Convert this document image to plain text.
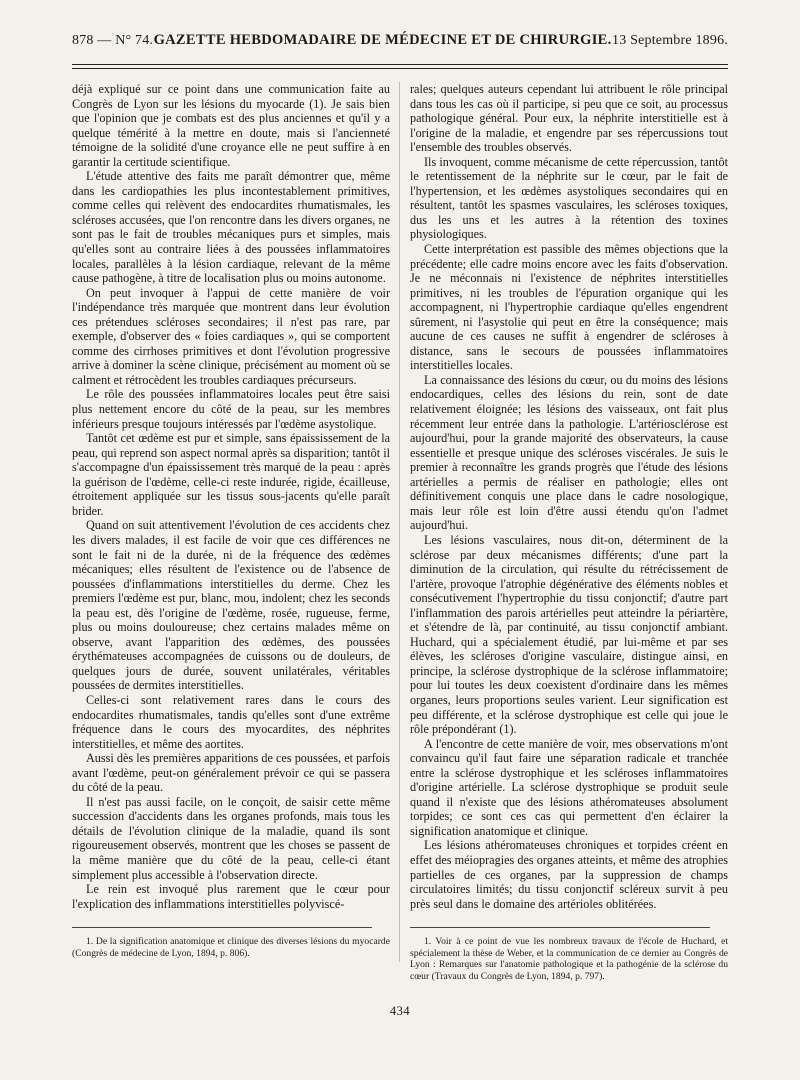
878 — N° 74. GAZETTE HEBDOMADAIRE DE MÉDECINE ET DE CHIRURGIE. 13 Septembre 1896.

déjà expliqué sur ce point dans une communication faite au Congrès de Lyon sur les lésions du myocarde (1). Je sais bien que l'opinion que je combats est des plus anciennes et qu'il y a quelque témérité à la mettre en doute, mais si l'ancienneté témoigne de la solidité d'une croyance elle ne peut suffire à en garantir la certitude scientifique.

L'étude attentive des faits me paraît démontrer que, même dans les cardiopathies les plus incontestablement primitives, comme celles qui relèvent des endocardites rhumatismales, les scléroses accusées, que l'on rencontre dans les divers organes, ne sont pas le fait de troubles mécaniques purs et simples, mais qu'elles sont au contraire liées à des poussées inflammatoires locales, parallèles à la lésion cardiaque, relevant de la même cause pathogène, à titre de localisation plus ou moins autonome.

On peut invoquer à l'appui de cette manière de voir l'indépendance très marquée que montrent dans leur évolution ces prétendues scléroses secondaires; il n'est pas rare, par exemple, d'observer des « foies cardiaques », qui se comportent comme des cirrhoses primitives et dont l'évolution progressive arrive à dominer la scène clinique, précisément au moment où se calment et rétrocèdent les troubles cardiaques précurseurs.

Le rôle des poussées inflammatoires locales peut être saisi plus nettement encore du côté de la peau, sur les membres inférieurs presque toujours intéressés par l'œdème asystolique.

Tantôt cet œdème est pur et simple, sans épaississement de la peau, qui reprend son aspect normal après sa disparition; tantôt il s'accompagne d'un épaississement très marqué de la peau : après la guérison de l'œdème, celle-ci reste indurée, rigide, écailleuse, étroitement appliquée sur les tissus sous-jacents qu'elle paraît brider.

Quand on suit attentivement l'évolution de ces accidents chez les divers malades, il est facile de voir que ces différences ne sont le fait ni de la durée, ni de la fréquence des œdèmes mécaniques; elles résultent de l'existence ou de l'absence de poussées d'inflammations interstitielles du derme. Chez les premiers l'œdème est pur, blanc, mou, indolent; chez les seconds la peau est, dès l'origine de l'œdème, rosée, rugueuse, ferme, plus ou moins douloureuse; chez certains malades même on observe, avant l'apparition des œdèmes, des poussées érythémateuses accompagnées de cuissons ou de douleurs, de quelques jours de durée, souvent unilatérales, véritables poussées de dermites interstitielles.

Celles-ci sont relativement rares dans le cours des endocardites rhumatismales, tandis qu'elles sont d'une extrême fréquence dans le cours des myocardites, des néphrites interstitielles, et même des aortites.

Aussi dès les premières apparitions de ces poussées, et parfois avant l'œdème, peut-on généralement prévoir ce qui se passera du côté de la peau.

Il n'est pas aussi facile, on le conçoit, de saisir cette même succession d'accidents dans les organes profonds, mais tous les détails de l'évolution clinique de la maladie, quand ils sont rigoureusement observés, montrent que les choses se passent de la même manière que du côté de la peau, celle-ci étant simplement plus accessible à l'observation directe.

Le rein est invoqué plus rarement que le cœur pour l'explication des inflammations interstitielles polyviscé-

1. De la signification anatomique et clinique des diverses lésions du myocarde (Congrès de médecine de Lyon, 1894, p. 806).

rales; quelques auteurs cependant lui attribuent le rôle principal dans tous les cas où il participe, si peu que ce soit, au processus pathologique général. Pour eux, la néphrite interstitielle est à l'origine de la maladie, et engendre par ses répercussions tout l'ensemble des troubles observés.

Ils invoquent, comme mécanisme de cette répercussion, tantôt le retentissement de la néphrite sur le cœur, par le fait de l'hypertension, et les œdèmes asystoliques secondaires qui en résultent, tantôt les spasmes vasculaires, les scléroses toxiques, dus les uns et les autres à la rétention des toxines physiologiques.

Cette interprétation est passible des mêmes objections que la précédente; elle cadre moins encore avec les faits d'observation. Je ne méconnais ni l'existence de néphrites interstitielles primitives, ni les troubles de l'épuration organique qui les accompagnent, ni l'hypertrophie cardiaque qu'elles engendrent sûrement, ni l'asystolie qui peut en être la conséquence; mais aucune de ces causes ne suffit à engendrer de scléroses à distance, sans le secours de poussées inflammatoires interstitielles locales.

La connaissance des lésions du cœur, ou du moins des lésions endocardiques, celles des lésions du rein, sont de date relativement éloignée; les lésions des vaisseaux, ont fait plus récemment leur entrée dans la pathologie. L'artériosclérose est aujourd'hui, pour la grande majorité des observateurs, la cause essentielle et presque unique des scléroses viscérales. Je suis le premier à reconnaître les grands progrès que l'étude des lésions artérielles a permis de réaliser en pathologie; elles ont définitivement conquis une place dans le cadre nosologique, mais leur rôle est loin d'être aussi étendu qu'on l'admet aujourd'hui.

Les lésions vasculaires, nous dit-on, déterminent de la sclérose par deux mécanismes différents; d'une part la diminution de la circulation, qui résulte du rétrécissement de l'artère, provoque l'atrophie dégénérative des éléments nobles et consécutivement l'hypertrophie du tissu conjonctif; d'autre part l'inflammation des parois artérielles peut atteindre la périartère, et s'étendre de là, par continuité, au tissu conjonctif ambiant. Huchard, qui a spécialement étudié, par lui-même et par ses élèves, les scléroses d'origine vasculaire, distingue ainsi, en principe, la sclérose dystrophique de la sclérose inflammatoire; pour lui toutes les deux coexistent d'ordinaire dans les mêmes organes, leurs proportions seules varient. Leur signification est peu différente, et la sclérose dystrophique est celle qui joue le rôle prépondérant (1).

A l'encontre de cette manière de voir, mes observations m'ont convaincu qu'il faut faire une séparation radicale et tranchée entre la sclérose dystrophique et les scléroses inflammatoires d'origine artérielle. La sclérose dystrophique se produit seule quand il n'existe que des lésions athéromateuses absolument torpides; ce sont ces cas qui permettent d'en éclairer la signification anatomique et clinique.

Les lésions athéromateuses chroniques et torpides créent en effet des méiopragies des organes atteints, et même des atrophies partielles de ces organes, par la suppression de champs circulatoires limités; du tissu conjonctif scléreux survit à peu près seul dans le domaine des artérioles oblitérées.

1. Voir à ce point de vue les nombreux travaux de l'école de Huchard, et spécialement la thèse de Weber, et la communication de ce dernier au Congrès de Lyon : Remarques sur l'anatomie pathologique et la pathogénie de la sclérose du cœur (Travaux du Congrès de Lyon, 1894, p. 797).

434
